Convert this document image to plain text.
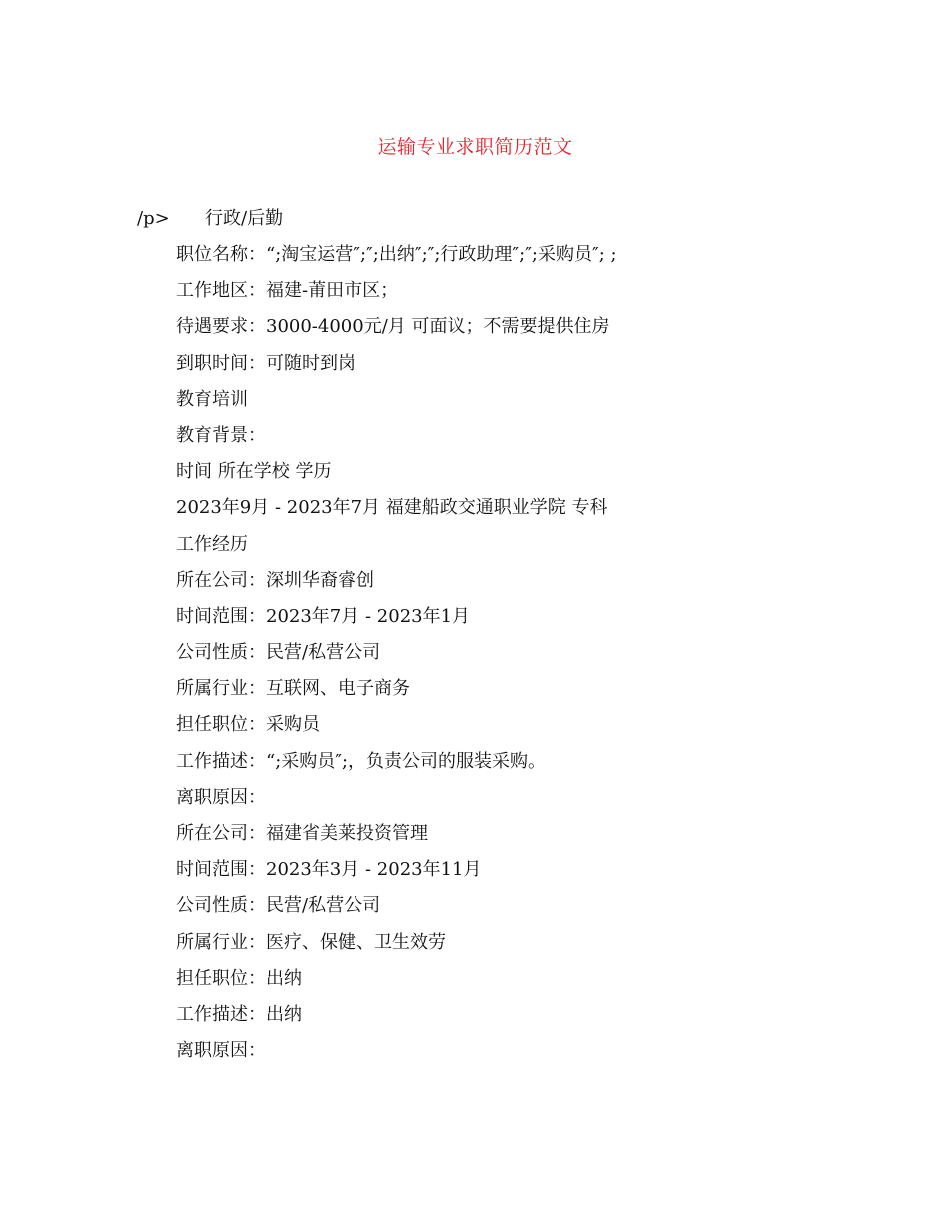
运输专业求职简历范文
/p> 行政/后勤
职位名称：“;淘宝运营″;″;出纳″;″;行政助理″;″;采购员″; ;
工作地区：福建-莆田市区；
待遇要求：3000-4000元/月 可面议；不需要提供住房
到职时间：可随时到岗
教育培训
教育背景：
时间 所在学校 学历
2023年9月 - 2023年7月 福建船政交通职业学院 专科
工作经历
所在公司：深圳华裔睿创
时间范围：2023年7月 - 2023年1月
公司性质：民营/私营公司
所属行业：互联网、电子商务
担任职位：采购员
工作描述：“;采购员″;，负责公司的服装采购。
离职原因：
所在公司：福建省美莱投资管理
时间范围：2023年3月 - 2023年11月
公司性质：民营/私营公司
所属行业：医疗、保健、卫生效劳
担任职位：出纳
工作描述：出纳
离职原因：
